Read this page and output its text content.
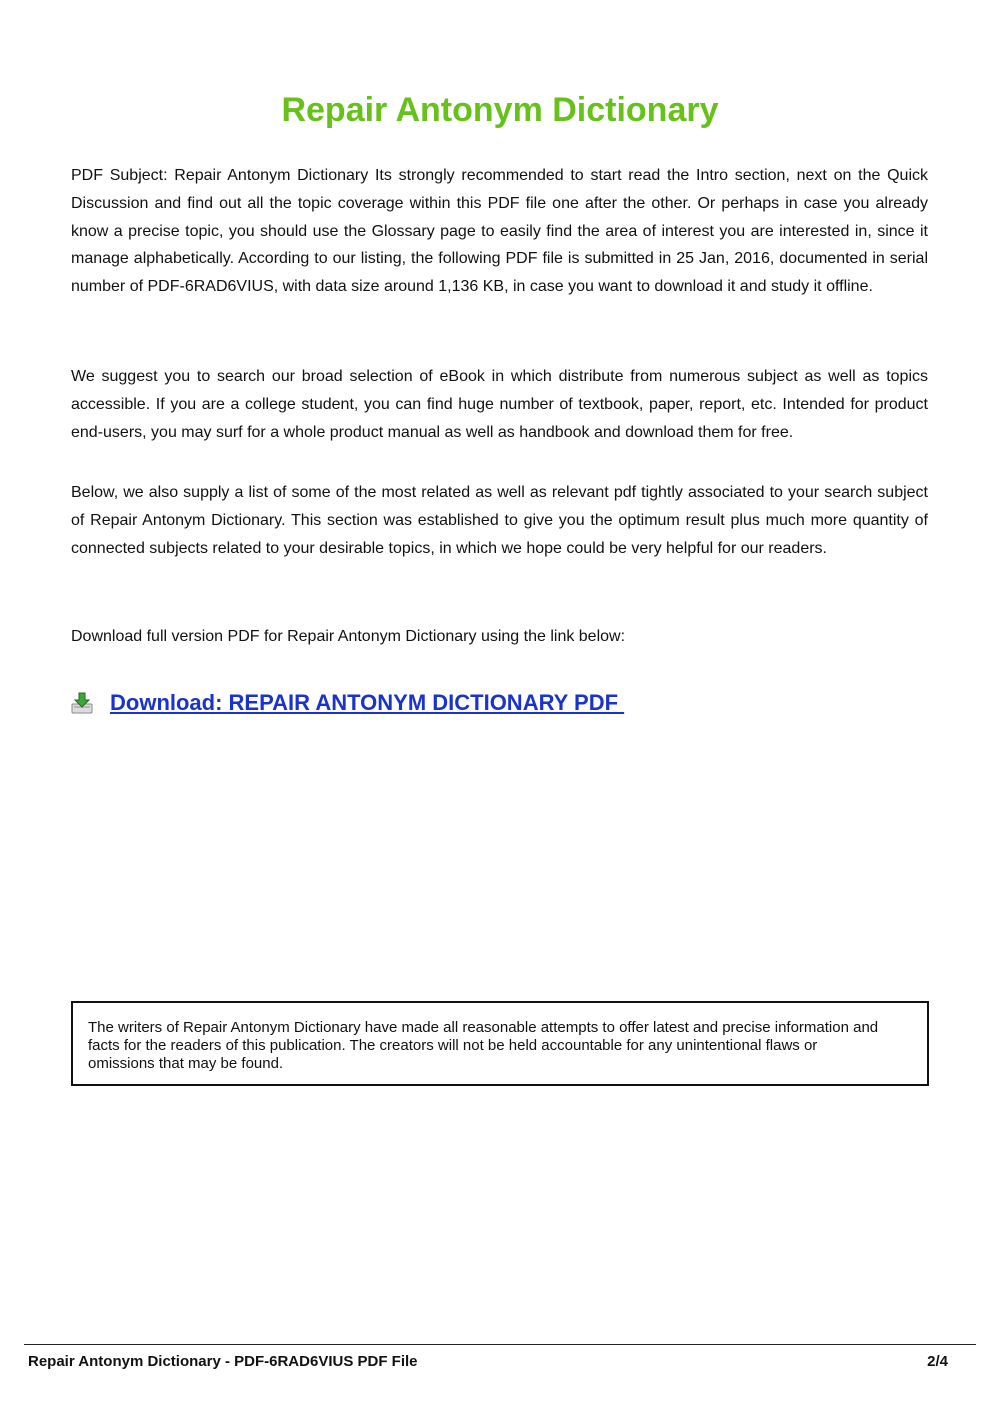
Repair Antonym Dictionary

PDF Subject: Repair Antonym Dictionary Its strongly recommended to start read the Intro section, next on the Quick Discussion and find out all the topic coverage within this PDF file one after the other. Or perhaps in case you already know a precise topic, you should use the Glossary page to easily find the area of interest you are interested in, since it manage alphabetically. According to our listing, the following PDF file is submitted in 25 Jan, 2016, documented in serial number of PDF-6RAD6VIUS, with data size around 1,136 KB, in case you want to download it and study it offline.

We suggest you to search our broad selection of eBook in which distribute from numerous subject as well as topics accessible. If you are a college student, you can find huge number of textbook, paper, report, etc. Intended for product end-users, you may surf for a whole product manual as well as handbook and download them for free.

Below, we also supply a list of some of the most related as well as relevant pdf tightly associated to your search subject of Repair Antonym Dictionary. This section was established to give you the optimum result plus much more quantity of connected subjects related to your desirable topics, in which we hope could be very helpful for our readers.

Download full version PDF for Repair Antonym Dictionary using the link below:

Download: REPAIR ANTONYM DICTIONARY PDF

The writers of Repair Antonym Dictionary have made all reasonable attempts to offer latest and precise information and facts for the readers of this publication. The creators will not be held accountable for any unintentional flaws or omissions that may be found.

Repair Antonym Dictionary - PDF-6RAD6VIUS PDF File	2/4
